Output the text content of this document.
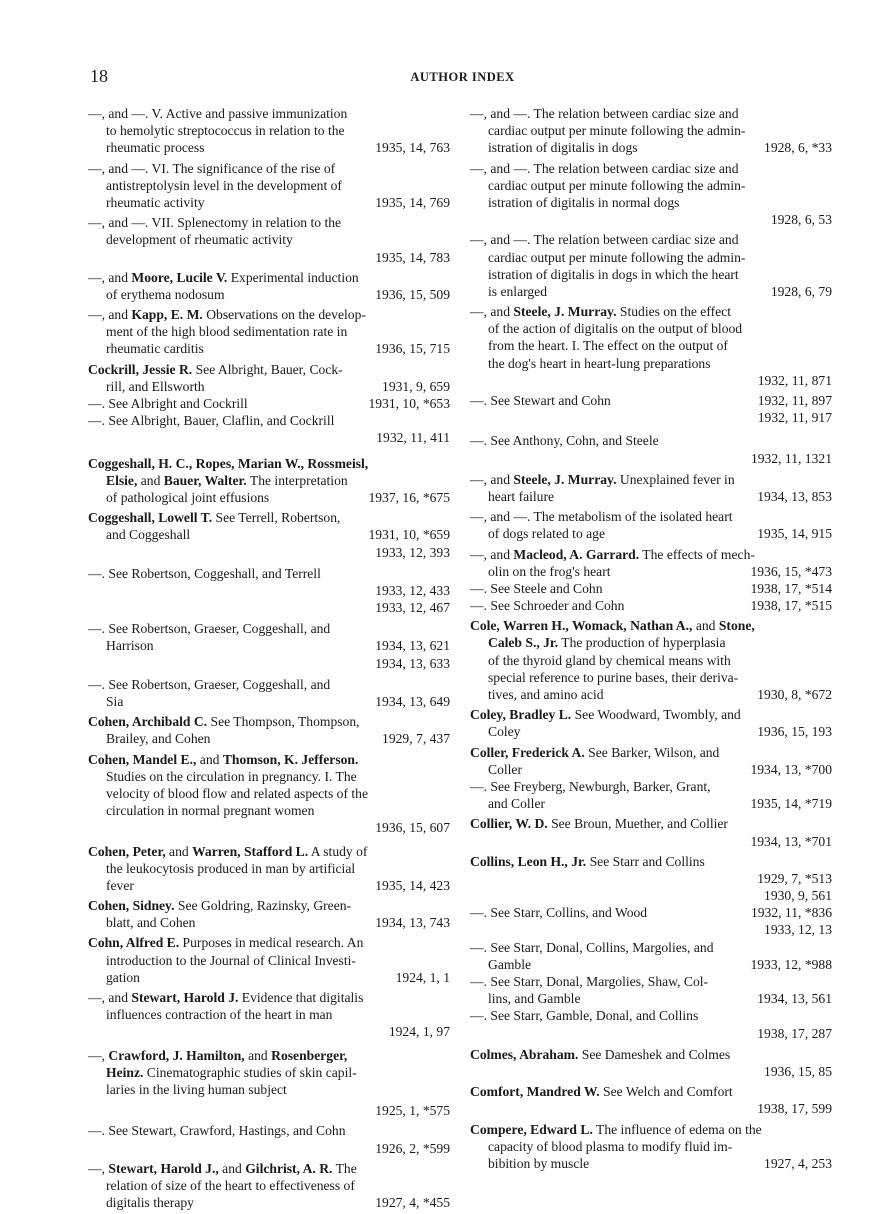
18	AUTHOR INDEX
—, and —. V. Active and passive immunization
to hemolytic streptococcus in relation to the
rheumatic process	1935, 14, 763
—, and —. VI. The significance of the rise of
antistreptolysin level in the development of
rheumatic activity	1935, 14, 769
—, and —. VII. Splenectomy in relation to the
development of rheumatic activity
1935, 14, 783
—, and Moore, Lucile V. Experimental induction
of erythema nodosum	1936, 15, 509
—, and Kapp, E. M. Observations on the develop-
ment of the high blood sedimentation rate in
rheumatic carditis	1936, 15, 715
Cockrill, Jessie R. See Albright, Bauer, Cock-
rill, and Ellsworth	1931, 9, 659
—. See Albright and Cockrill	1931, 10, *653
—. See Albright, Bauer, Claflin, and Cockrill
1932, 11, 411
Coggeshall, H. C., Ropes, Marian W., Rossmeisl,
Elsie, and Bauer, Walter. The interpretation
of pathological joint effusions	1937, 16, *675
Coggeshall, Lowell T. See Terrell, Robertson,
and Coggeshall	1931, 10, *659
1933, 12, 393
—. See Robertson, Coggeshall, and Terrell
1933, 12, 433
1933, 12, 467
—. See Robertson, Graeser, Coggeshall, and
Harrison	1934, 13, 621
1934, 13, 633
—. See Robertson, Graeser, Coggeshall, and
Sia	1934, 13, 649
Cohen, Archibald C. See Thompson, Thompson,
Brailey, and Cohen	1929, 7, 437
Cohen, Mandel E., and Thomson, K. Jefferson.
Studies on the circulation in pregnancy. I. The
velocity of blood flow and related aspects of the
circulation in normal pregnant women
1936, 15, 607
Cohen, Peter, and Warren, Stafford L. A study of
the leukocytosis produced in man by artificial
fever	1935, 14, 423
Cohen, Sidney. See Goldring, Razinsky, Green-
blatt, and Cohen	1934, 13, 743
Cohn, Alfred E. Purposes in medical research. An
introduction to the Journal of Clinical Investi-
gation	1924, 1, 1
—, and Stewart, Harold J. Evidence that digitalis
influences contraction of the heart in man
1924, 1, 97
—, Crawford, J. Hamilton, and Rosenberger,
Heinz. Cinematographic studies of skin capil-
laries in the living human subject
1925, 1, *575
—. See Stewart, Crawford, Hastings, and Cohn
1926, 2, *599
—, Stewart, Harold J., and Gilchrist, A. R. The
relation of size of the heart to effectiveness of
digitalis therapy	1927, 4, *455
—, and —. The relation between cardiac size and
cardiac output per minute following the admin-
istration of digitalis in dogs	1928, 6, *33
—, and —. The relation between cardiac size and
cardiac output per minute following the admin-
istration of digitalis in normal dogs
1928, 6, 53
—, and —. The relation between cardiac size and
cardiac output per minute following the admin-
istration of digitalis in dogs in which the heart
is enlarged	1928, 6, 79
—, and Steele, J. Murray. Studies on the effect
of the action of digitalis on the output of blood
from the heart. I. The effect on the output of
the dog's heart in heart-lung preparations
1932, 11, 871
—. See Stewart and Cohn	1932, 11, 897
1932, 11, 917
—. See Anthony, Cohn, and Steele
1932, 11, 1321
—, and Steele, J. Murray. Unexplained fever in
heart failure	1934, 13, 853
—, and —. The metabolism of the isolated heart
of dogs related to age	1935, 14, 915
—, and Macleod, A. Garrard. The effects of mech-
olin on the frog's heart	1936, 15, *473
—. See Steele and Cohn	1938, 17, *514
—. See Schroeder and Cohn	1938, 17, *515
Cole, Warren H., Womack, Nathan A., and Stone,
Caleb S., Jr. The production of hyperplasia
of the thyroid gland by chemical means with
special reference to purine bases, their deriva-
tives, and amino acid	1930, 8, *672
Coley, Bradley L. See Woodward, Twombly, and
Coley	1936, 15, 193
Coller, Frederick A. See Barker, Wilson, and
Coller	1934, 13, *700
—. See Freyberg, Newburgh, Barker, Grant,
and Coller	1935, 14, *719
Collier, W. D. See Broun, Muether, and Collier
1934, 13, *701
Collins, Leon H., Jr. See Starr and Collins
1929, 7, *513
1930, 9, 561
—. See Starr, Collins, and Wood	1932, 11, *836
1933, 12, 13
—. See Starr, Donal, Collins, Margolies, and
Gamble	1933, 12, *988
—. See Starr, Donal, Margolies, Shaw, Col-
lins, and Gamble	1934, 13, 561
—. See Starr, Gamble, Donal, and Collins
1938, 17, 287
Colmes, Abraham. See Dameshek and Colmes
1936, 15, 85
Comfort, Mandred W. See Welch and Comfort
1938, 17, 599
Compere, Edward L. The influence of edema on the
capacity of blood plasma to modify fluid im-
bibition by muscle	1927, 4, 253
